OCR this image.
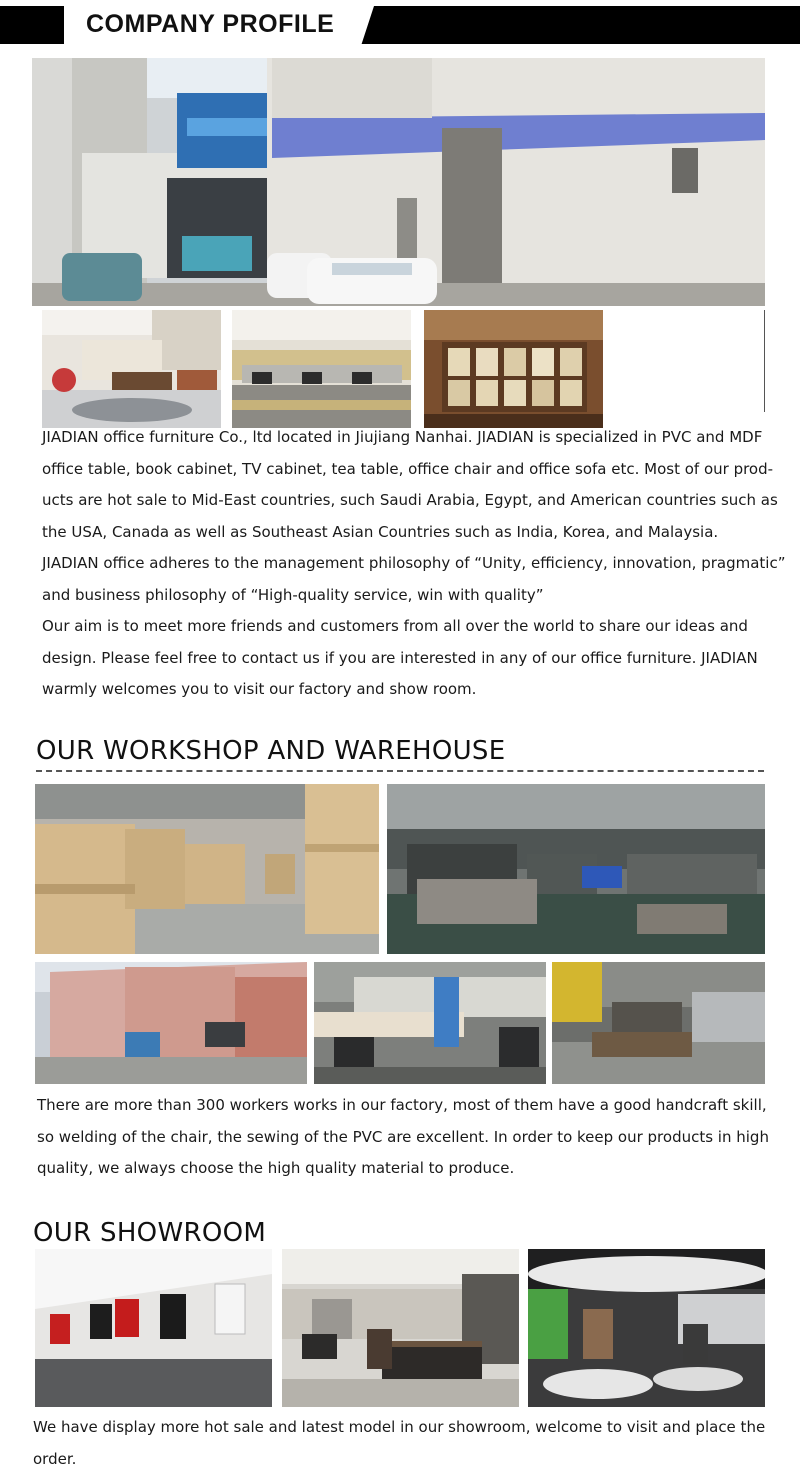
COMPANY PROFILE
JIADIAN office furniture Co., ltd located in Jiujiang Nanhai. JIADIAN is specialized in PVC and MDF
office table, book cabinet, TV cabinet, tea table, office chair and office sofa etc. Most of our prod-
ucts are hot sale to Mid-East countries, such Saudi Arabia, Egypt, and American countries such as
the USA, Canada as well as Southeast Asian Countries such as India, Korea, and Malaysia.
JIADIAN office adheres to the management philosophy of “Unity, efficiency, innovation, pragmatic”
and business philosophy of “High-quality service, win with quality”
Our aim is to meet more friends and customers from all over the world to share our ideas and
design. Please feel free to contact us if you are interested in any of our office furniture. JIADIAN
warmly welcomes you to visit our factory and show room.
OUR WORKSHOP AND WAREHOUSE
There are more than 300 workers works in our factory, most of them have a good handcraft skill,
so welding of the chair, the sewing of the PVC are excellent. In order to keep our products in high
quality, we always choose the high quality material to produce.
OUR SHOWROOM
We have display more hot sale and latest model in our showroom, welcome to visit and place the
order.
